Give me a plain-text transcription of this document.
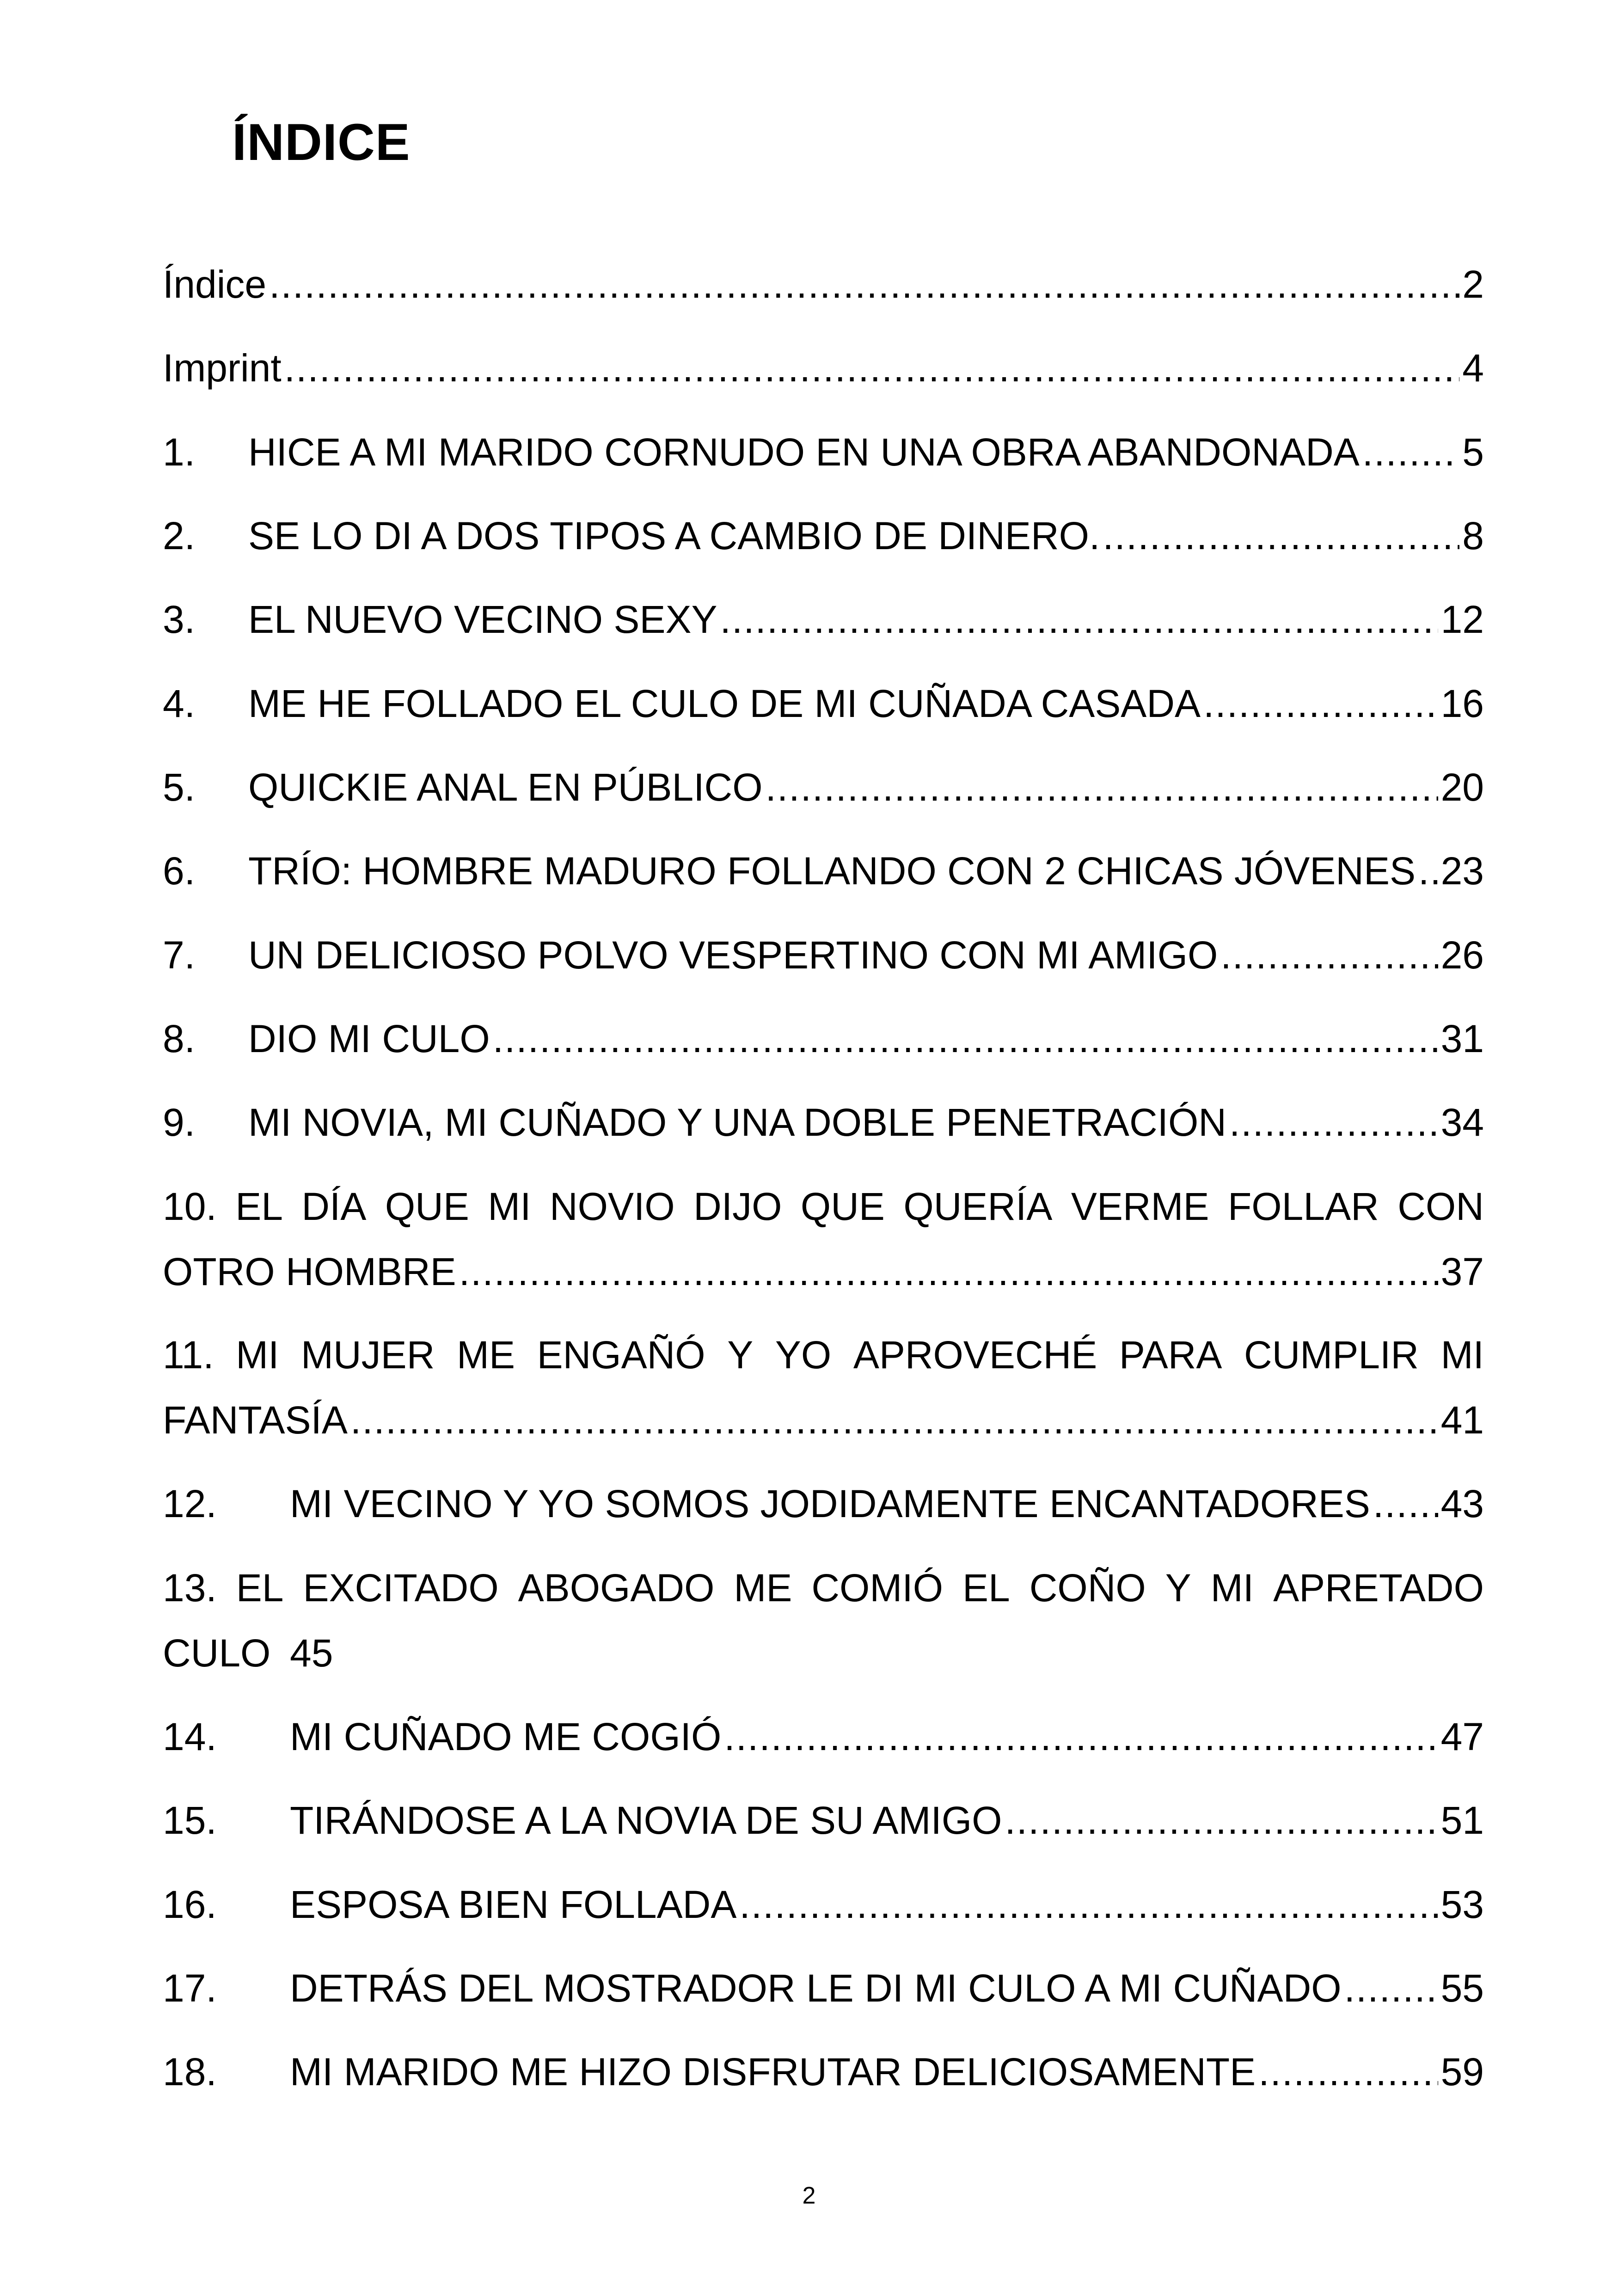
ÍNDICE
Índice .....	2
Imprint .....	4
1.	HICE A MI MARIDO CORNUDO EN UNA OBRA ABANDONADA .....	5
2.	SE LO DI A DOS TIPOS A CAMBIO DE DINERO. .....	8
3.	EL NUEVO VECINO SEXY .....	12
4.	ME HE FOLLADO EL CULO DE MI CUÑADA CASADA .....	16
5.	QUICKIE ANAL EN PÚBLICO .....	20
6.	TRÍO: HOMBRE MADURO FOLLANDO CON 2 CHICAS JÓVENES ..... 23
7.	UN DELICIOSO POLVO VESPERTINO CON MI AMIGO .....	26
8.	DIO MI CULO .....	31
9.	MI NOVIA, MI CUÑADO Y UNA DOBLE PENETRACIÓN .....	34
10. EL DÍA QUE MI NOVIO DIJO QUE QUERÍA VERME FOLLAR CON
OTRO HOMBRE .....	37
11. MI MUJER ME ENGAÑÓ Y YO APROVECHÉ PARA CUMPLIR MI
FANTASÍA .....	41
12.	MI VECINO Y YO SOMOS JODIDAMENTE ENCANTADORES ..... 43
13. EL EXCITADO ABOGADO ME COMIÓ EL COÑO Y MI APRETADO
CULO 45
14.	MI CUÑADO ME COGIÓ .....	47
15.	TIRÁNDOSE A LA NOVIA DE SU AMIGO .....	51
16.	ESPOSA BIEN FOLLADA .....	53
17.	DETRÁS DEL MOSTRADOR LE DI MI CULO A MI CUÑADO .....	55
18.	MI MARIDO ME HIZO DISFRUTAR DELICIOSAMENTE .....	59
2
